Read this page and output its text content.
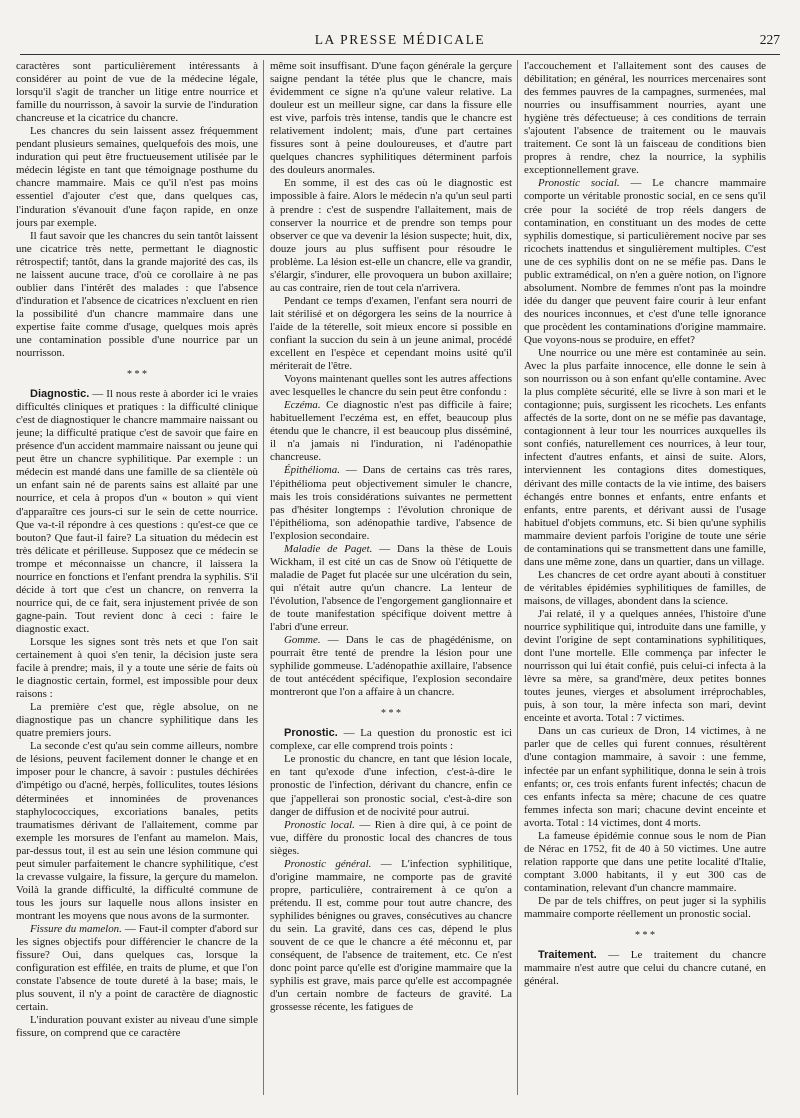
LA PRESSE MÉDICALE	227

caractères sont particulièrement intéressants à considérer au point de vue de la médecine légale, lorsqu'il s'agit de trancher un litige entre nourrice et famille du nourrisson, à savoir la survie de l'induration chancreuse et la cicatrice du chancre.

Les chancres du sein laissent assez fréquemment pendant plusieurs semaines, quelquefois des mois, une induration qui peut être fructueusement utilisée par le médecin légiste en tant que témoignage posthume du chancre mammaire. Mais ce qu'il n'est pas moins essentiel d'ajouter c'est que, dans quelques cas, l'induration s'évanouit d'une façon rapide, en onze jours par exemple.

Il faut savoir que les chancres du sein tantôt laissent une cicatrice très nette, permettant le diagnostic rétrospectif; tantôt, dans la grande majorité des cas, ils ne laissent aucune trace, d'où ce corollaire à ne pas oublier dans l'intérêt des malades : que l'absence d'induration et l'absence de cicatrices n'excluent en rien la possibilité d'un chancre mammaire dans une expertise faite comme d'usage, quelques mois après une contamination possible d'une nourrice par un nourrisson.

* * *

Diagnostic. — Il nous reste à aborder ici le vraies difficultés cliniques et pratiques : la difficulté clinique c'est de diagnostiquer le chancre mammaire naissant ou jeune; la difficulté pratique c'est de savoir que faire en présence d'un accident mammaire naissant ou jeune qui peut être un chancre syphilitique. Par exemple : un médecin est mandé dans une famille de sa clientèle où un enfant sain né de parents sains est allaité par une nourrice, et cela à propos d'un « bouton » qui vient d'apparaître ces jours-ci sur le sein de cette nourrice. Que va-t-il répondre à ces questions : qu'est-ce que ce bouton? Que faut-il faire? La situation du médecin est très délicate et périlleuse. Supposez que ce médecin se trompe et méconnaisse un chancre, il laissera la nourrice en fonctions et l'enfant prendra la syphilis. S'il décide à tort que c'est un chancre, on renverra la nourrice qui, de ce fait, sera injustement privée de son gagne-pain. Tout revient donc à ceci : faire le diagnostic exact.

Lorsque les signes sont très nets et que l'on sait certainement à quoi s'en tenir, la décision juste sera facile à prendre; mais, il y a toute une série de faits où le diagnostic certain, formel, est impossible pour deux raisons :

La première c'est que, règle absolue, on ne diagnostique pas un chancre syphilitique dans les quatre premiers jours.

La seconde c'est qu'au sein comme ailleurs, nombre de lésions, peuvent facilement donner le change et en imposer pour le chancre, à savoir : pustules déchirées d'impétigo ou d'acné, herpès, folliculites, toutes lésions déterminées et innominées de provenances staphylococciques, excoriations banales, petits traumatismes dérivant de l'allaitement, comme par exemple les morsures de l'enfant au mamelon. Mais, par-dessus tout, il est au sein une lésion commune qui peut simuler parfaitement le chancre syphilitique, c'est la crevasse vulgaire, la fissure, la gerçure du mamelon. Voilà la grande difficulté, la difficulté commune de tous les jours sur laquelle nous allons insister en montrant les moyens que nous avons de la surmonter.

Fissure du mamelon. — Faut-il compter d'abord sur les signes objectifs pour différencier le chancre de la fissure? Oui, dans quelques cas, lorsque la configuration est effilée, en traits de plume, et que l'on constate l'absence de toute dureté à la base; mais, le plus souvent, il n'y a point de caractère de diagnostic certain.

L'induration pouvant exister au niveau d'une simple fissure, on comprend que ce caractère

même soit insuffisant. D'une façon générale la gerçure saigne pendant la tétée plus que le chancre, mais évidemment ce signe n'a qu'une valeur relative. La douleur est un meilleur signe, car dans la fissure elle est vive, parfois très intense, tandis que le chancre est relativement indolent; mais, d'une part certaines fissures sont à peine douloureuses, et d'autre part quelques chancres syphilitiques déterminent parfois des douleurs anormales.

En somme, il est des cas où le diagnostic est impossible à faire. Alors le médecin n'a qu'un seul parti à prendre : c'est de suspendre l'allaitement, mais de conserver la nourrice et de prendre son temps pour observer ce que va devenir la lésion suspecte; huit, dix, douze jours au plus suffisent pour résoudre le problème. La lésion est-elle un chancre, elle va grandir, s'élargir, s'indurer, elle provoquera un bubon axillaire; au cas contraire, rien de tout cela n'arrivera.

Pendant ce temps d'examen, l'enfant sera nourri de lait stérilisé et on dégorgera les seins de la nourrice à l'aide de la téterelle, soit mieux encore si possible en confiant la succion du sein à un jeune animal, procédé excellent en l'espèce et cependant moins usité qu'il mériterait de l'être.

Voyons maintenant quelles sont les autres affections avec lesquelles le chancre du sein peut être confondu :

Eczéma. Ce diagnostic n'est pas difficile à faire; habituellement l'eczéma est, en effet, beaucoup plus étendu que le chancre, il est beaucoup plus disséminé, il n'a jamais ni l'induration, ni l'adénopathie chancreuse.

Épithélioma. — Dans de certains cas très rares, l'épithélioma peut objectivement simuler le chancre, mais les trois considérations suivantes ne permettent pas d'hésiter longtemps : l'évolution chronique de l'épithélioma, son adénopathie tardive, l'absence de l'explosion secondaire.

Maladie de Paget. — Dans la thèse de Louis Wickham, il est cité un cas de Snow où l'étiquette de maladie de Paget fut placée sur une ulcération du sein, qui n'était autre qu'un chancre. La lenteur de l'évolution, l'absence de l'engorgement ganglionnaire et de toute manifestation spécifique doivent mettre à l'abri d'une erreur.

Gomme. — Dans le cas de phagédénisme, on pourrait être tenté de prendre la lésion pour une syphilide gommeuse. L'adénopathie axillaire, l'absence de tout antécédent spécifique, l'explosion secondaire montreront que l'on a affaire à un chancre.

* * *

Pronostic. — La question du pronostic est ici complexe, car elle comprend trois points :

Le pronostic du chancre, en tant que lésion locale, en tant qu'exode d'une infection, c'est-à-dire le pronostic de l'infection, dérivant du chancre, enfin ce que j'appellerai son pronostic social, c'est-à-dire son danger de diffusion et de nocivité pour autrui.

Pronostic local. — Rien à dire qui, à ce point de vue, diffère du pronostic local des chancres de tous sièges.

Pronostic général. — L'infection syphilitique, d'origine mammaire, ne comporte pas de gravité propre, particulière, contrairement à ce qu'on a prétendu. Il est, comme pour tout autre chancre, des syphilides bénignes ou graves, consécutives au chancre du sein. La gravité, dans ces cas, dépend le plus souvent de ce que le chancre a été méconnu et, par conséquent, de l'absence de traitement, etc. Ce n'est donc point parce qu'elle est d'origine mammaire que la syphilis est grave, mais parce qu'elle est accompagnée d'un certain nombre de facteurs de gravité. La grossesse récente, les fatigues de

l'accouchement et l'allaitement sont des causes de débilitation; en général, les nourrices mercenaires sont des femmes pauvres de la campagnes, surmenées, mal nourries ou insuffisamment nourries, ayant une hygiène très défectueuse; à ces conditions de terrain s'ajoutent l'absence de traitement ou le mauvais traitement. Ce sont là un faisceau de conditions bien propres à rendre, chez la nourrice, la syphilis exceptionnellement grave.

Pronostic social. — Le chancre mammaire comporte un véritable pronostic social, en ce sens qu'il crée pour la société de trop réels dangers de contamination, en constituant un des modes de cette syphilis domestique, si particulièrement nocive par ses ricochets inattendus et singulièrement multiples. C'est une de ces syphilis dont on ne se méfie pas. Dans le public extramédical, on n'en a guère notion, on l'ignore absolument. Nombre de femmes n'ont pas la moindre idée du danger que peuvent faire courir à leur enfant des nourices inconnues, et c'est d'une telle ignorance que procèdent les contaminations d'origine mammaire. Que voyons-nous se produire, en effet?

Une nourrice ou une mère est contaminée au sein. Avec la plus parfaite innocence, elle donne le sein à son nourrisson ou à son enfant qu'elle contamine. Avec la plus complète sécurité, elle se livre à son mari et le contagionne; puis, surgissent les ricochets. Les enfants affectés de la sorte, dont on ne se méfie pas davantage, contagionnent à leur tour les nourrices auxquelles ils sont confiés, naturellement ces nourrices, à leur tour, infectent d'autres enfants, et ainsi de suite. Alors, interviennent les contagions dites domestiques, dérivant des mille contacts de la vie intime, des baisers échangés entre bonnes et enfants, entre enfants et enfants, entre parents, et dérivant aussi de l'usage habituel d'objets communs, etc. Si bien qu'une syphilis mammaire devient parfois l'origine de toute une série de contaminations qui se transmettent dans une famille, dans une même zone, dans un quartier, dans un village.

Les chancres de cet ordre ayant abouti à constituer de véritables épidémies syphilitiques de familles, de maisons, de villages, abondent dans la science.

J'ai relaté, il y a quelques années, l'histoire d'une nourrice syphilitique qui, introduite dans une famille, y devint l'origine de sept contaminations syphilitiques, dont l'une mortelle. Elle commença par infecter le nourrisson qui lui était confié, puis celui-ci infecta à la lèvre sa mère, sa grand'mère, deux petites bonnes toutes jeunes, vierges et absolument irréprochables, puis, à son tour, la mère infecta son mari, devint enceinte et avorta. Total : 7 victimes.

Dans un cas curieux de Dron, 14 victimes, à ne parler que de celles qui furent connues, résultèrent d'une contagion mammaire, à savoir : une femme, infectée par un enfant syphilitique, donna le sein à trois enfants; or, ces trois enfants furent infectés; chacun de ces enfants infecta sa mère; chacune de ces quatre femmes infecta son mari; chacune devint enceinte et avorta. Total : 14 victimes, dont 4 morts.

La fameuse épidémie connue sous le nom de Pian de Nérac en 1752, fit de 40 à 50 victimes. Une autre relation rapporte que dans une petite localité d'Italie, comptant 3.000 habitants, il y eut 300 cas de contamination, relevant d'un chancre mammaire.

De par de tels chiffres, on peut juger si la syphilis mammaire comporte réellement un pronostic social.

* * *

Traitement. — Le traitement du chancre mammaire n'est autre que celui du chancre cutané, en général.
